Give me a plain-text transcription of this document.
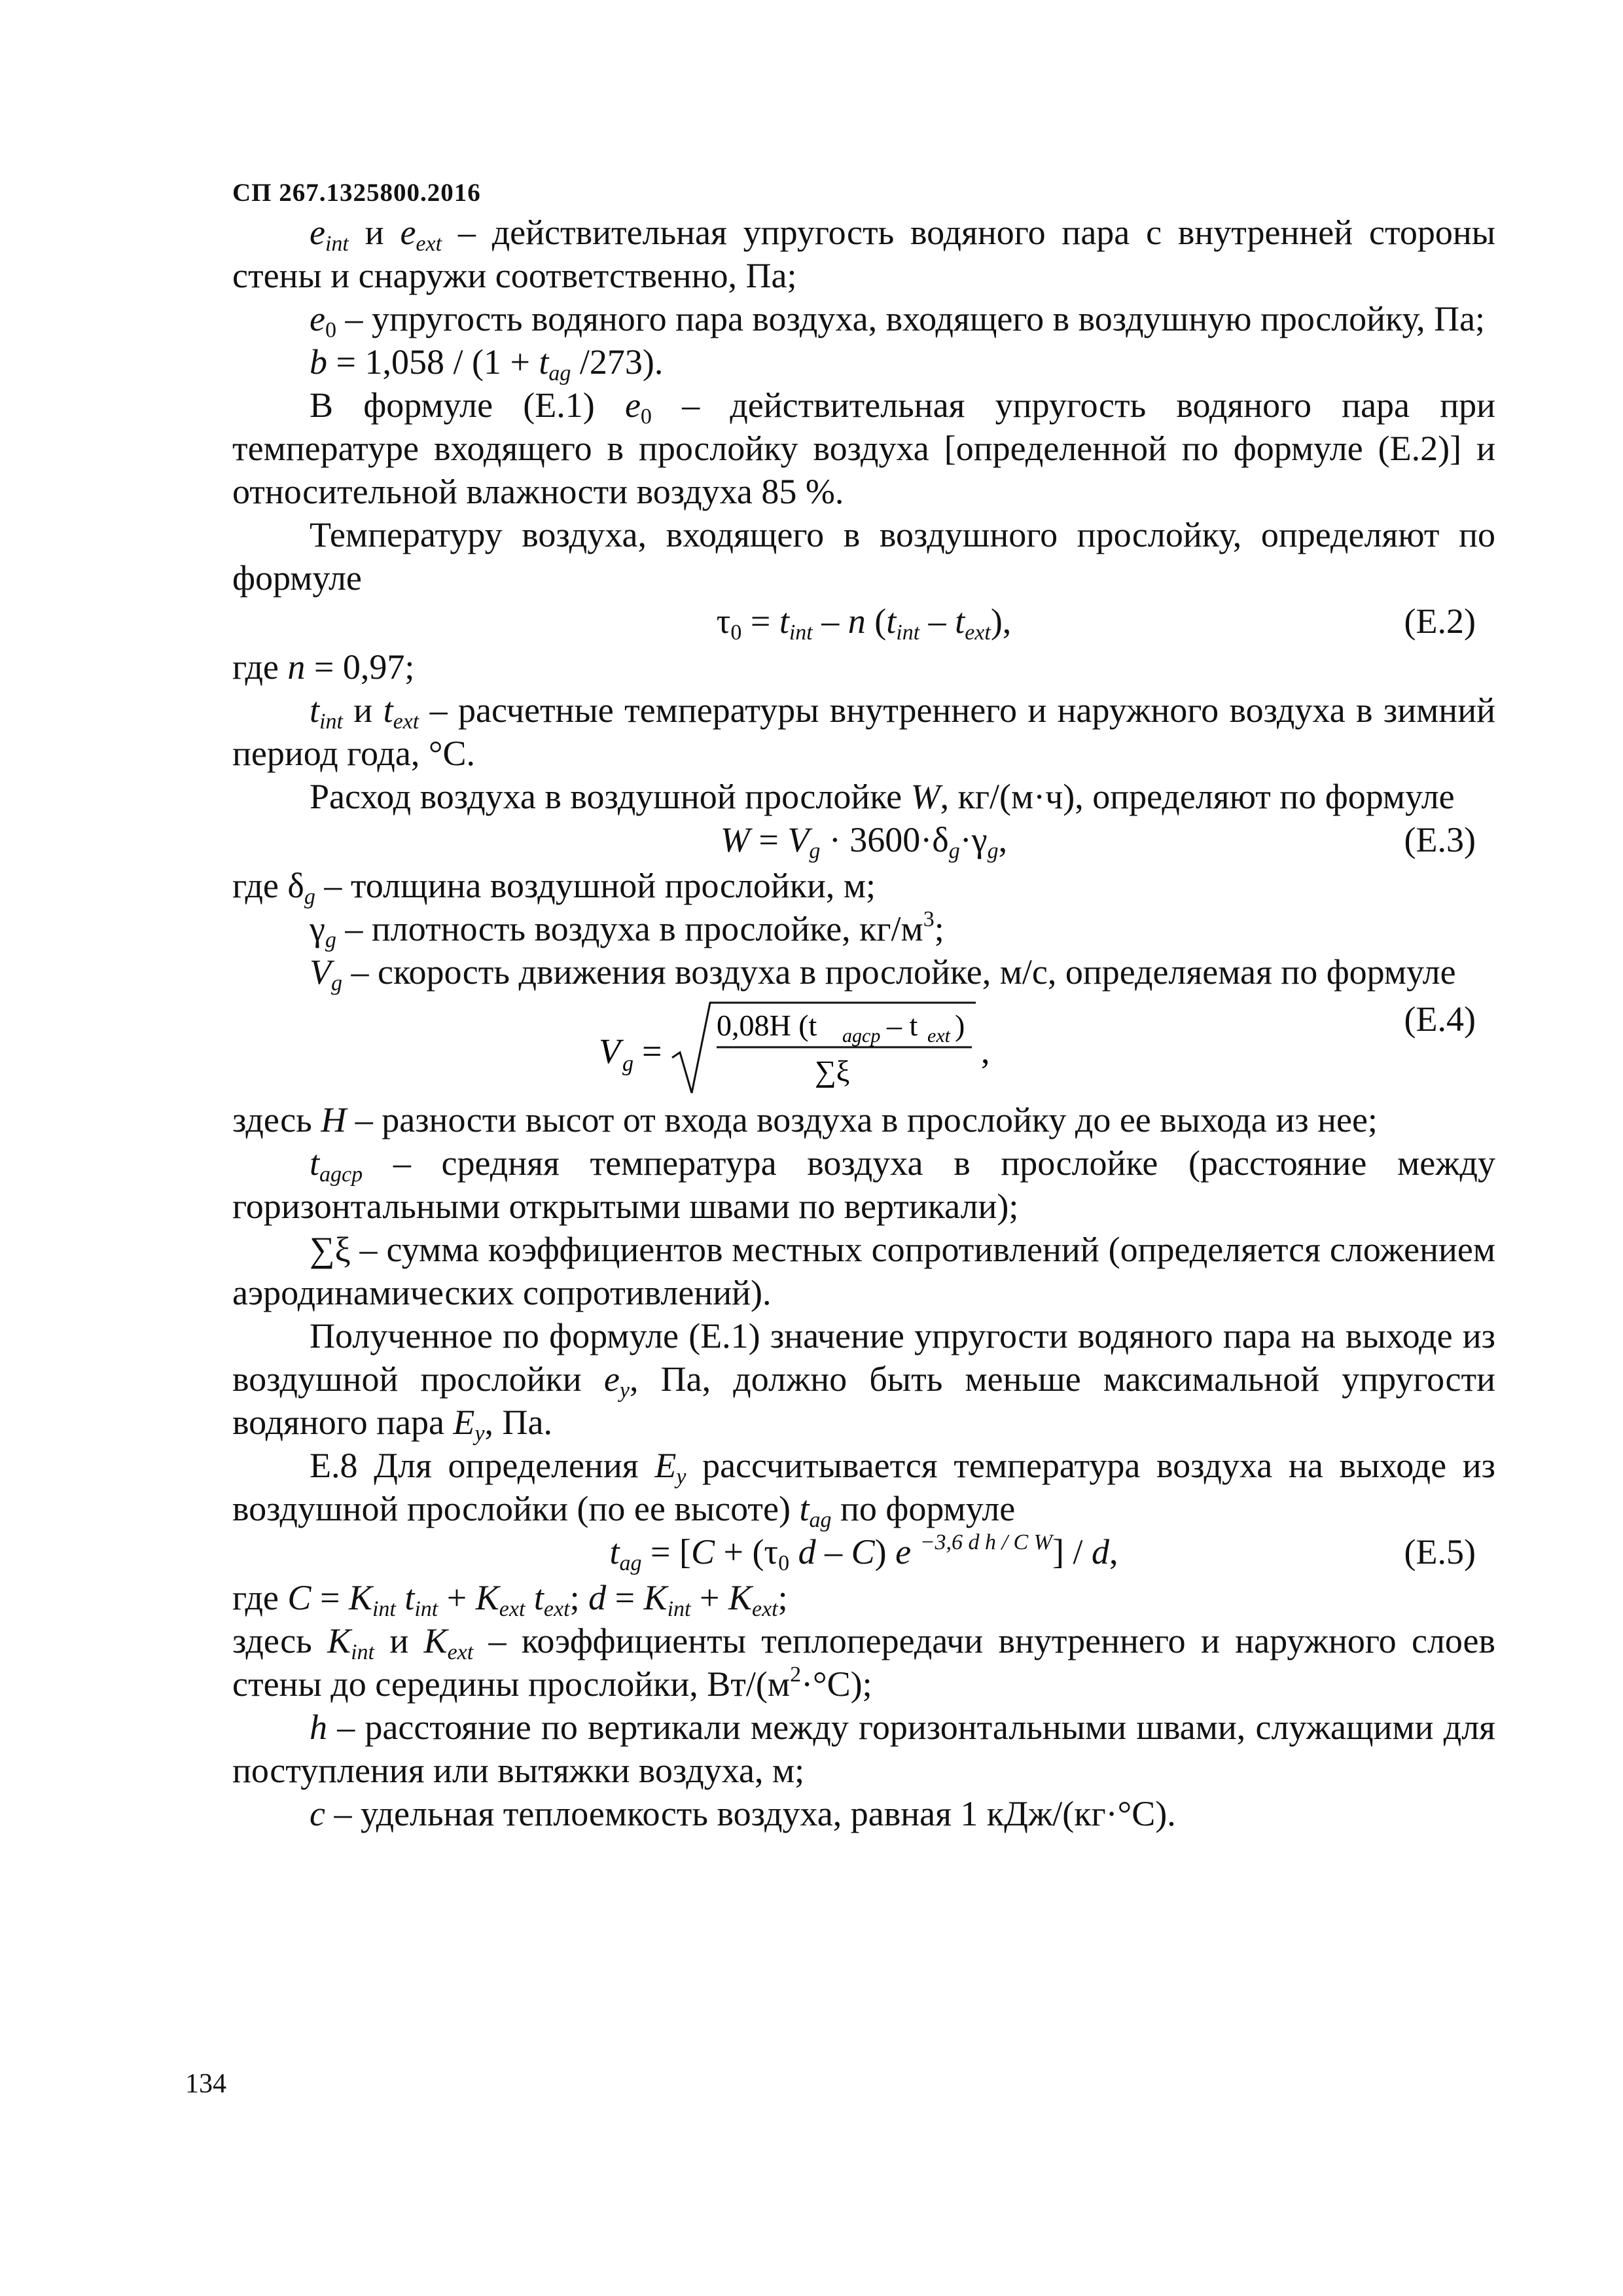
СП 267.1325800.2016

$e_{int}$ и $e_{ext}$ – действительная упругость водяного пара с внутренней стороны стены и снаружи соответственно, Па;

$e_0$ – упругость водяного пара воздуха, входящего в воздушную прослойку, Па;

$b = 1,058 / (1 + t_{ag}$ /273).

В формуле (Е.1) $e_0$ – действительная упругость водяного пара при температуре входящего в прослойку воздуха [определенной по формуле (Е.2)] и относительной влажности воздуха 85 %.

Температуру воздуха, входящего в воздушного прослойку, определяют по формуле

$\tau_0 = t_{int} - n$ $(t_{int} - t_{ext})$,	(Е.2)

где n = 0,97;

$t_{int}$ и $t_{ext}$ – расчетные температуры внутреннего и наружного воздуха в зимний период года, °С.

Расход воздуха в воздушной прослойке W, кг/(м·ч), определяют по формуле

$W = V_g \cdot 3600\cdot\delta_g\cdot\gamma_g$,	(Е.3)

где $\delta_g$ – толщина воздушной прослойки, м;

$\gamma_g$ – плотность воздуха в прослойке, $кг/м^3$;

$V_g$ – скорость движения воздуха в прослойке, м/с, определяемая по формуле

V g =
0,08H (t agср – t ext )
∑ξ
,
(Е.4)

здесь H – разности высот от входа воздуха в прослойку до ее выхода из нее;

$t_{agср}$ – средняя температура воздуха в прослойке (расстояние между горизонтальными открытыми швами по вертикали);

∑ξ – сумма коэффициентов местных сопротивлений (определяется сложением аэродинамических сопротивлений).

Полученное по формуле (Е.1) значение упругости водяного пара на выходе из воздушной прослойки $e_y$, Па, должно быть меньше максимальной упругости водяного пара $E_y$, Па.

Е.8 Для определения $E_y$ рассчитывается температура воздуха на выходе из воздушной прослойки (по ее высоте) $t_{ag}$ по формуле

$t_{ag} = [C + (\tau_0$ d – C) e $^{-3,6 d h / C W}$] / d,	(Е.5)

где $C = K_{int}$ $t_{int} + K_{ext}$ $t_{ext}$; $d = K_{int} + K_{ext}$;

здесь $K_{int}$ и $K_{ext}$ – коэффициенты теплопередачи внутреннего и наружного слоев стены до середины прослойки, $Вт/(м^2\cdot^\circ С)$;

h – расстояние по вертикали между горизонтальными швами, служащими для поступления или вытяжки воздуха, м;

c – удельная теплоемкость воздуха, равная 1 кДж/(кг·°С).

134
